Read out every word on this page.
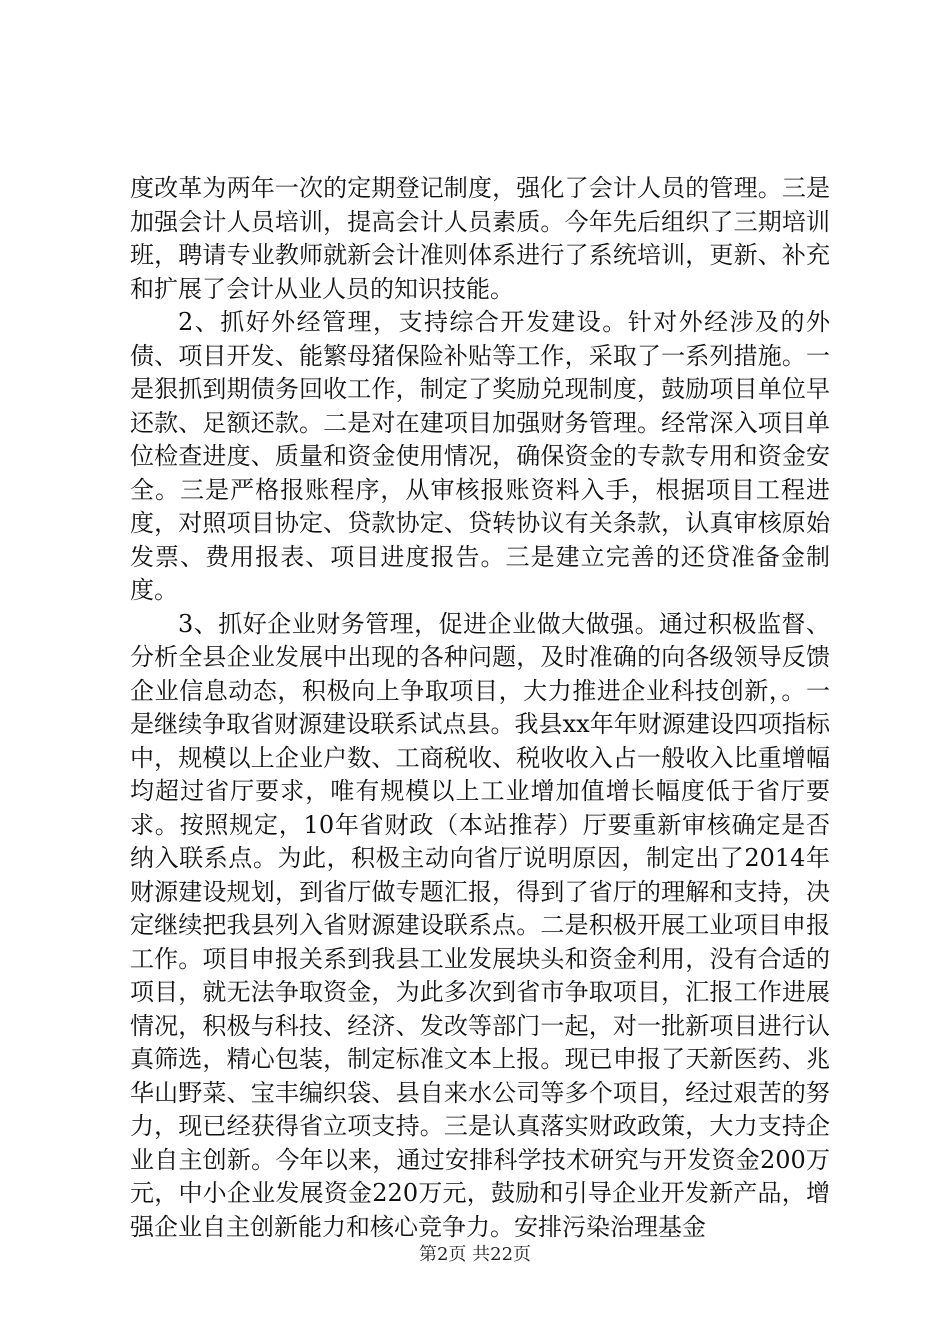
度改革为两年一次的定期登记制度，强化了会计人员的管理。三是加强会计人员培训，提高会计人员素质。今年先后组织了三期培训班，聘请专业教师就新会计准则体系进行了系统培训，更新、补充和扩展了会计从业人员的知识技能。

2、抓好外经管理，支持综合开发建设。针对外经涉及的外债、项目开发、能繁母猪保险补贴等工作，采取了一系列措施。一是狠抓到期债务回收工作，制定了奖励兑现制度，鼓励项目单位早还款、足额还款。二是对在建项目加强财务管理。经常深入项目单位检查进度、质量和资金使用情况，确保资金的专款专用和资金安全。三是严格报账程序，从审核报账资料入手，根据项目工程进度，对照项目协定、贷款协定、贷转协议有关条款，认真审核原始发票、费用报表、项目进度报告。三是建立完善的还贷准备金制度。

3、抓好企业财务管理，促进企业做大做强。通过积极监督、分析全县企业发展中出现的各种问题，及时准确的向各级领导反馈企业信息动态，积极向上争取项目，大力推进企业科技创新，。一是继续争取省财源建设联系试点县。我县xx年年财源建设四项指标中，规模以上企业户数、工商税收、税收收入占一般收入比重增幅均超过省厅要求，唯有规模以上工业增加值增长幅度低于省厅要求。按照规定，10年省财政（本站推荐）厅要重新审核确定是否纳入联系点。为此，积极主动向省厅说明原因，制定出了2014年财源建设规划，到省厅做专题汇报，得到了省厅的理解和支持，决定继续把我县列入省财源建设联系点。二是积极开展工业项目申报工作。项目申报关系到我县工业发展块头和资金利用，没有合适的项目，就无法争取资金，为此多次到省市争取项目，汇报工作进展情况，积极与科技、经济、发改等部门一起，对一批新项目进行认真筛选，精心包装，制定标准文本上报。现已申报了天新医药、兆华山野菜、宝丰编织袋、县自来水公司等多个项目，经过艰苦的努力，现已经获得省立项支持。三是认真落实财政政策，大力支持企业自主创新。今年以来，通过安排科学技术研究与开发资金200万元，中小企业发展资金220万元，鼓励和引导企业开发新产品，增强企业自主创新能力和核心竞争力。安排污染治理基金

第2页 共22页
